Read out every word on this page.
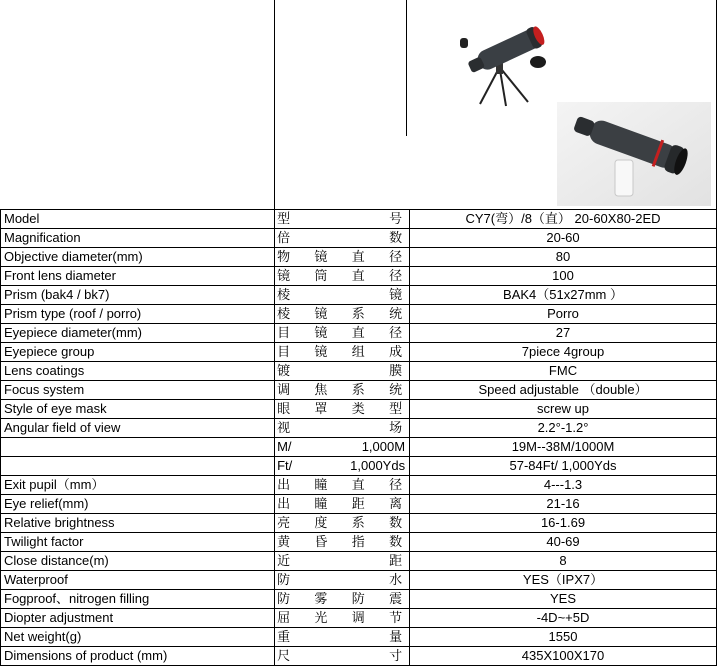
Model	型 号	CY7(弯）/8（直） 20-60X80-2ED
Magnification	倍 数	20-60
Objective diameter(mm)	物 镜 直 径	80
Front lens diameter	镜 筒 直 径	100
Prism (bak4 / bk7)	棱 镜	BAK4（51x27mm ）
Prism type (roof / porro)	棱 镜 系 统	Porro
Eyepiece diameter(mm)	目 镜 直 径	27
Eyepiece group	目 镜 组 成	7piece 4group
Lens coatings	镀 膜	FMC
Focus system	调 焦 系 统	Speed adjustable （double）
Style of eye mask	眼 罩 类 型	screw up
Angular field of view	视 场	2.2°-1.2°

	M/ 1,000M	19M--38M/1000M

	Ft/ 1,000Yds	57-84Ft/ 1,000Yds
Exit pupil（mm）	出 瞳 直 径	4---1.3
Eye relief(mm)	出 瞳 距 离	21-16
Relative brightness	亮 度 系 数	16-1.69
Twilight factor	黄 昏 指 数	40-69
Close distance(m)	近 距	8
Waterproof	防 水	YES（IPX7）
Fogproof、nitrogen filling	防 雾 防 震	YES
Diopter adjustment	屈 光 调 节	-4D~+5D
Net weight(g)	重 量	1550
Dimensions of product (mm)	尺 寸	435X100X170
